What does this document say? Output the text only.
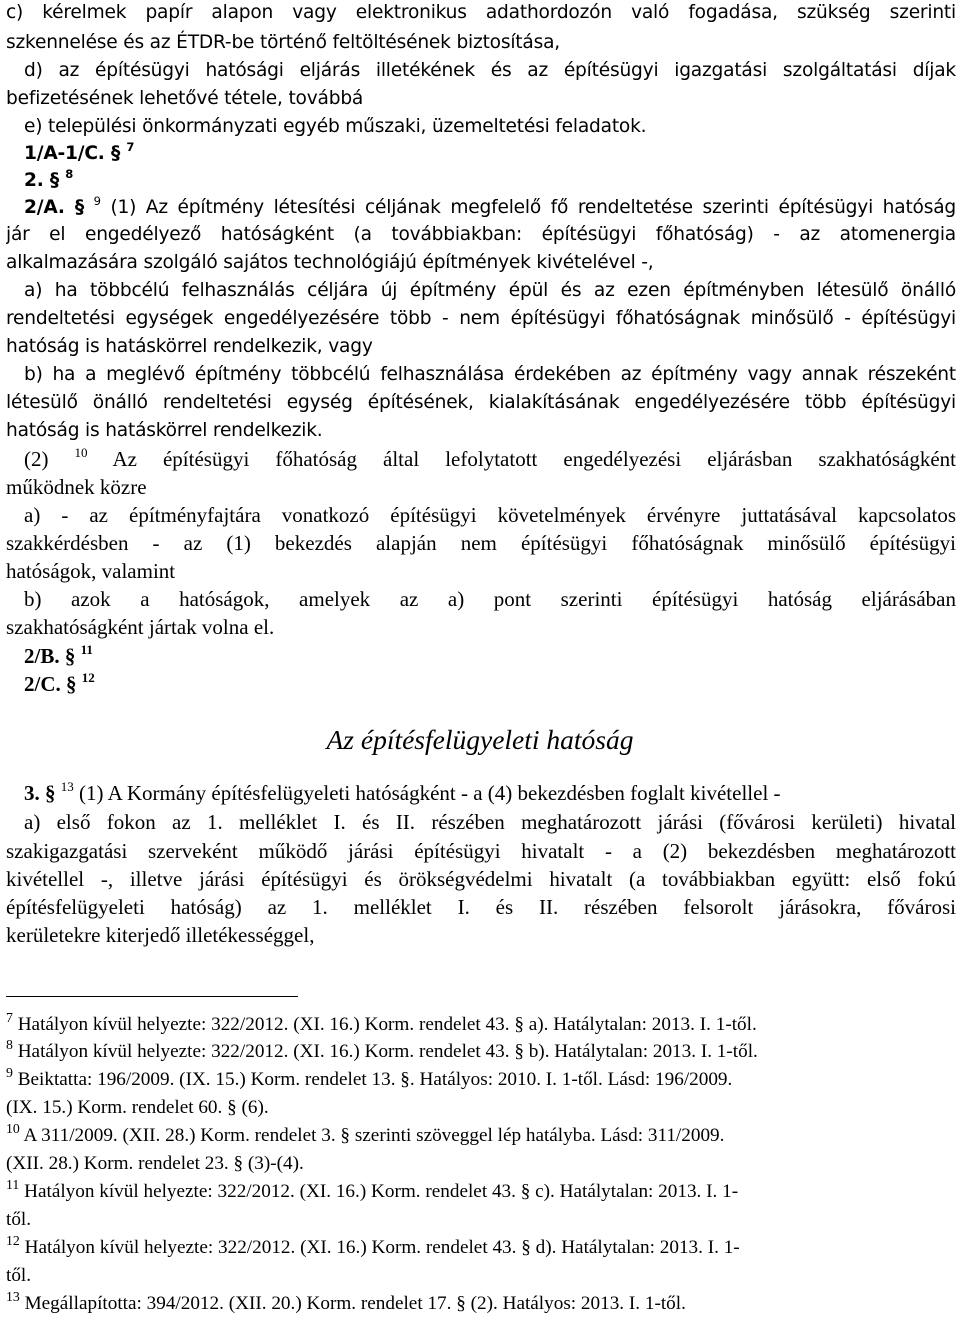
c) kérelmek papír alapon vagy elektronikus adathordozón való fogadása, szükség szerinti
szkennelése és az ÉTDR-be történő feltöltésének biztosítása,
d) az építésügyi hatósági eljárás illetékének és az építésügyi igazgatási szolgáltatási díjak
befizetésének lehetővé tétele, továbbá
e) települési önkormányzati egyéb műszaki, üzemeltetési feladatok.
1/A-1/C. § $^7$
2. § $^8$
2/A. § $^9$ (1) Az építmény létesítési céljának megfelelő fő rendeltetése szerinti építésügyi hatóság
jár el engedélyező hatóságként (a továbbiakban: építésügyi főhatóság) - az atomenergia
alkalmazására szolgáló sajátos technológiájú építmények kivételével -,
a) ha többcélú felhasználás céljára új építmény épül és az ezen építményben létesülő önálló
rendeltetési egységek engedélyezésére több - nem építésügyi főhatóságnak minősülő - építésügyi
hatóság is hatáskörrel rendelkezik, vagy
b) ha a meglévő építmény többcélú felhasználása érdekében az építmény vagy annak részeként
létesülő önálló rendeltetési egység építésének, kialakításának engedélyezésére több építésügyi
hatóság is hatáskörrel rendelkezik.
(2) $^{10}$ Az építésügyi főhatóság által lefolytatott engedélyezési eljárásban szakhatóságként
működnek közre
a) - az építményfajtára vonatkozó építésügyi követelmények érvényre juttatásával kapcsolatos
szakkérdésben - az (1) bekezdés alapján nem építésügyi főhatóságnak minősülő építésügyi
hatóságok, valamint
b) azok a hatóságok, amelyek az a) pont szerinti építésügyi hatóság eljárásában
szakhatóságként jártak volna el.
2/B. § $^{11}$
2/C. § $^{12}$
Az építésfelügyeleti hatóság
3. § $^{13}$ (1) A Kormány építésfelügyeleti hatóságként - a (4) bekezdésben foglalt kivétellel -
a) első fokon az 1. melléklet I. és II. részében meghatározott járási (fővárosi kerületi) hivatal
szakigazgatási szerveként működő járási építésügyi hivatalt - a (2) bekezdésben meghatározott
kivétellel -, illetve járási építésügyi és örökségvédelmi hivatalt (a továbbiakban együtt: első fokú
építésfelügyeleti hatóság) az 1. melléklet I. és II. részében felsorolt járásokra, fővárosi
kerületekre kiterjedő illetékességgel,
$^7$ Hatályon kívül helyezte: 322/2012. (XI. 16.) Korm. rendelet 43. § a). Hatálytalan: 2013. I. 1-től.
$^8$ Hatályon kívül helyezte: 322/2012. (XI. 16.) Korm. rendelet 43. § b). Hatálytalan: 2013. I. 1-től.
$^9$ Beiktatta: 196/2009. (IX. 15.) Korm. rendelet 13. §. Hatályos: 2010. I. 1-től. Lásd: 196/2009.
(IX. 15.) Korm. rendelet 60. § (6).
$^{10}$ A 311/2009. (XII. 28.) Korm. rendelet 3. § szerinti szöveggel lép hatályba. Lásd: 311/2009.
(XII. 28.) Korm. rendelet 23. § (3)-(4).
$^{11}$ Hatályon kívül helyezte: 322/2012. (XI. 16.) Korm. rendelet 43. § c). Hatálytalan: 2013. I. 1-
től.
$^{12}$ Hatályon kívül helyezte: 322/2012. (XI. 16.) Korm. rendelet 43. § d). Hatálytalan: 2013. I. 1-
től.
$^{13}$ Megállapította: 394/2012. (XII. 20.) Korm. rendelet 17. § (2). Hatályos: 2013. I. 1-től.
